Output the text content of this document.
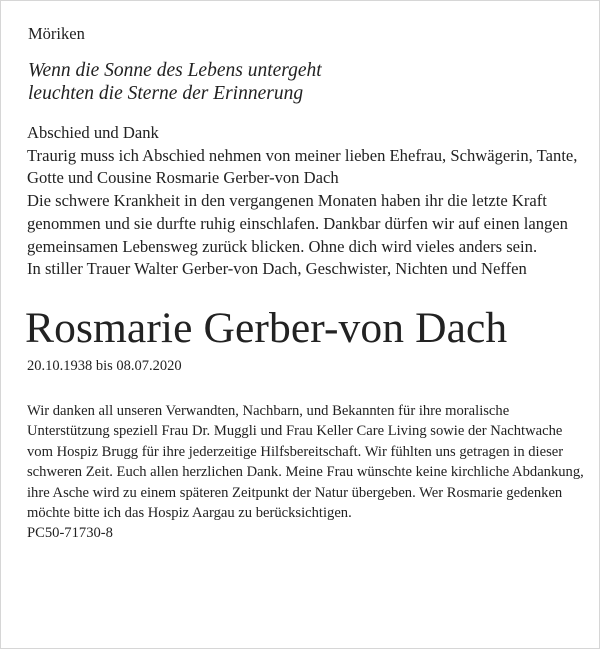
Möriken
Wenn die Sonne des Lebens untergeht
leuchten die Sterne der Erinnerung

Abschied und Dank

Traurig muss ich Abschied nehmen von meiner lieben Ehefrau, Schwägerin, Tante, Gotte und Cousine Rosmarie Gerber-von Dach

Die schwere Krankheit in den vergangenen Monaten haben ihr die letzte Kraft genommen und sie durfte ruhig einschlafen. Dankbar dürfen wir auf einen langen gemeinsamen Lebensweg zurück blicken. Ohne dich wird vieles anders sein.

In stiller Trauer Walter Gerber-von Dach, Geschwister, Nichten und Neffen

Rosmarie Gerber-von Dach
20.10.1938 bis 08.07.2020

Wir danken all unseren Verwandten, Nachbarn, und Bekannten für ihre moralische Unterstützung speziell Frau Dr. Muggli und Frau Keller Care Living sowie der Nachtwache vom Hospiz Brugg für ihre jederzeitige Hilfsbereitschaft. Wir fühlten uns getragen in dieser schweren Zeit. Euch allen herzlichen Dank. Meine Frau wünschte keine kirchliche Abdankung, ihre Asche wird zu einem späteren Zeitpunkt der Natur übergeben. Wer Rosmarie gedenken möchte bitte ich das Hospiz Aargau zu berücksichtigen.

PC50-71730-8
